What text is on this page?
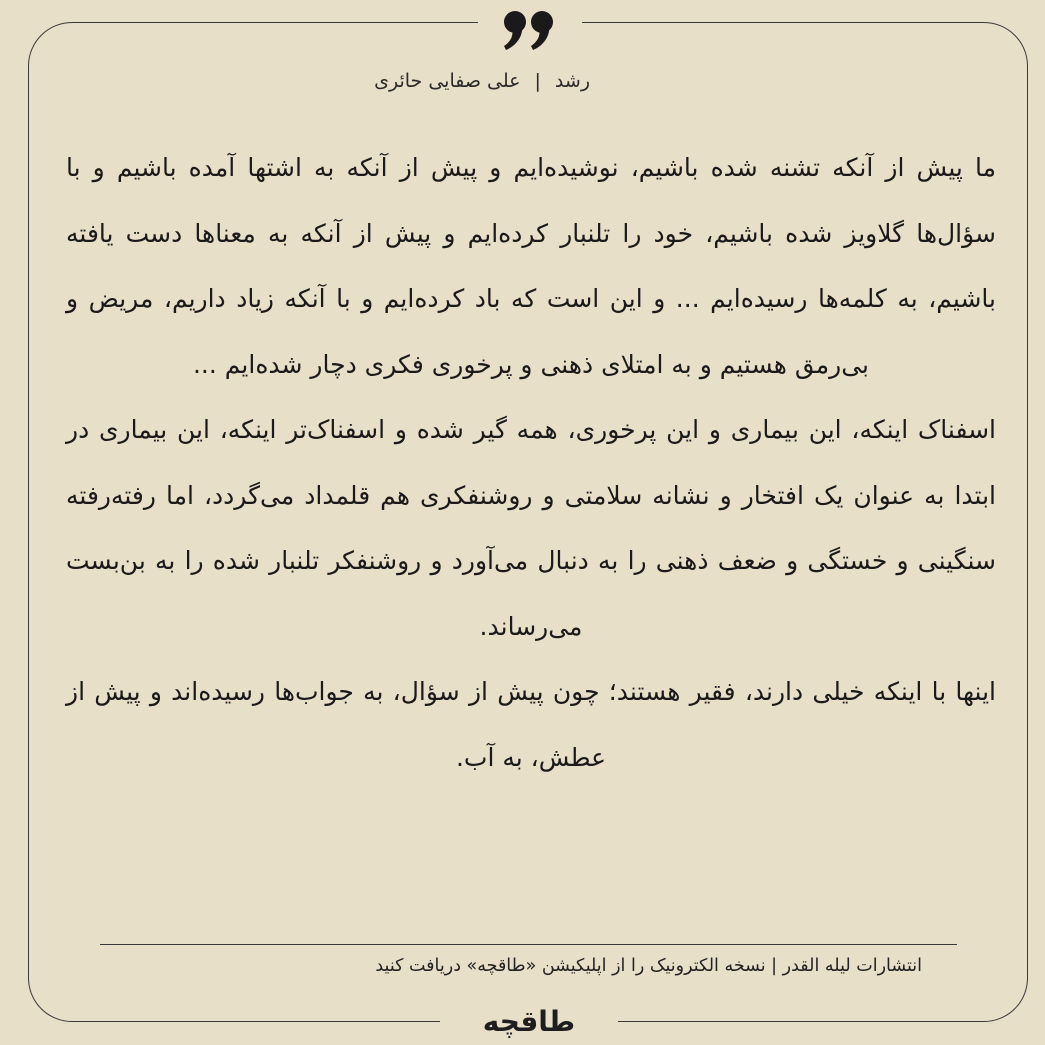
رشد|علی صفایی حائری

ما پیش از آنکه تشنه شده باشیم، نوشیده‌ایم و پیش از آنکه به اشتها آمده باشیم و با سؤال‌ها گلاویز شده باشیم، خود را تلنبار کرده‌ایم و پیش از آنکه به معناها دست یافته باشیم، به کلمه‌ها رسیده‌ایم ... و این است که باد کرده‌ایم و با آنکه زیاد داریم، مریض و بی‌رمق هستیم و به امتلای ذهنی و پرخوری فکری دچار شده‌ایم ...

اسفناک اینکه، این بیماری و این پرخوری، همه گیر شده و اسفناک‌تر اینکه، این بیماری در ابتدا به عنوان یک افتخار و نشانه سلامتی و روشنفکری هم قلمداد می‌گردد، اما رفته‌رفته سنگینی و خستگی و ضعف ذهنی را به دنبال می‌آورد و روشنفکر تلنبار شده را به بن‌بست می‌رساند.

اینها با اینکه خیلی دارند، فقیر هستند؛ چون پیش از سؤال، به جواب‌ها رسیده‌اند و پیش از عطش، به آب.

انتشارات لیله القدر | نسخه الکترونیک را از اپلیکیشن «طاقچه» دریافت کنید
طاقچه
